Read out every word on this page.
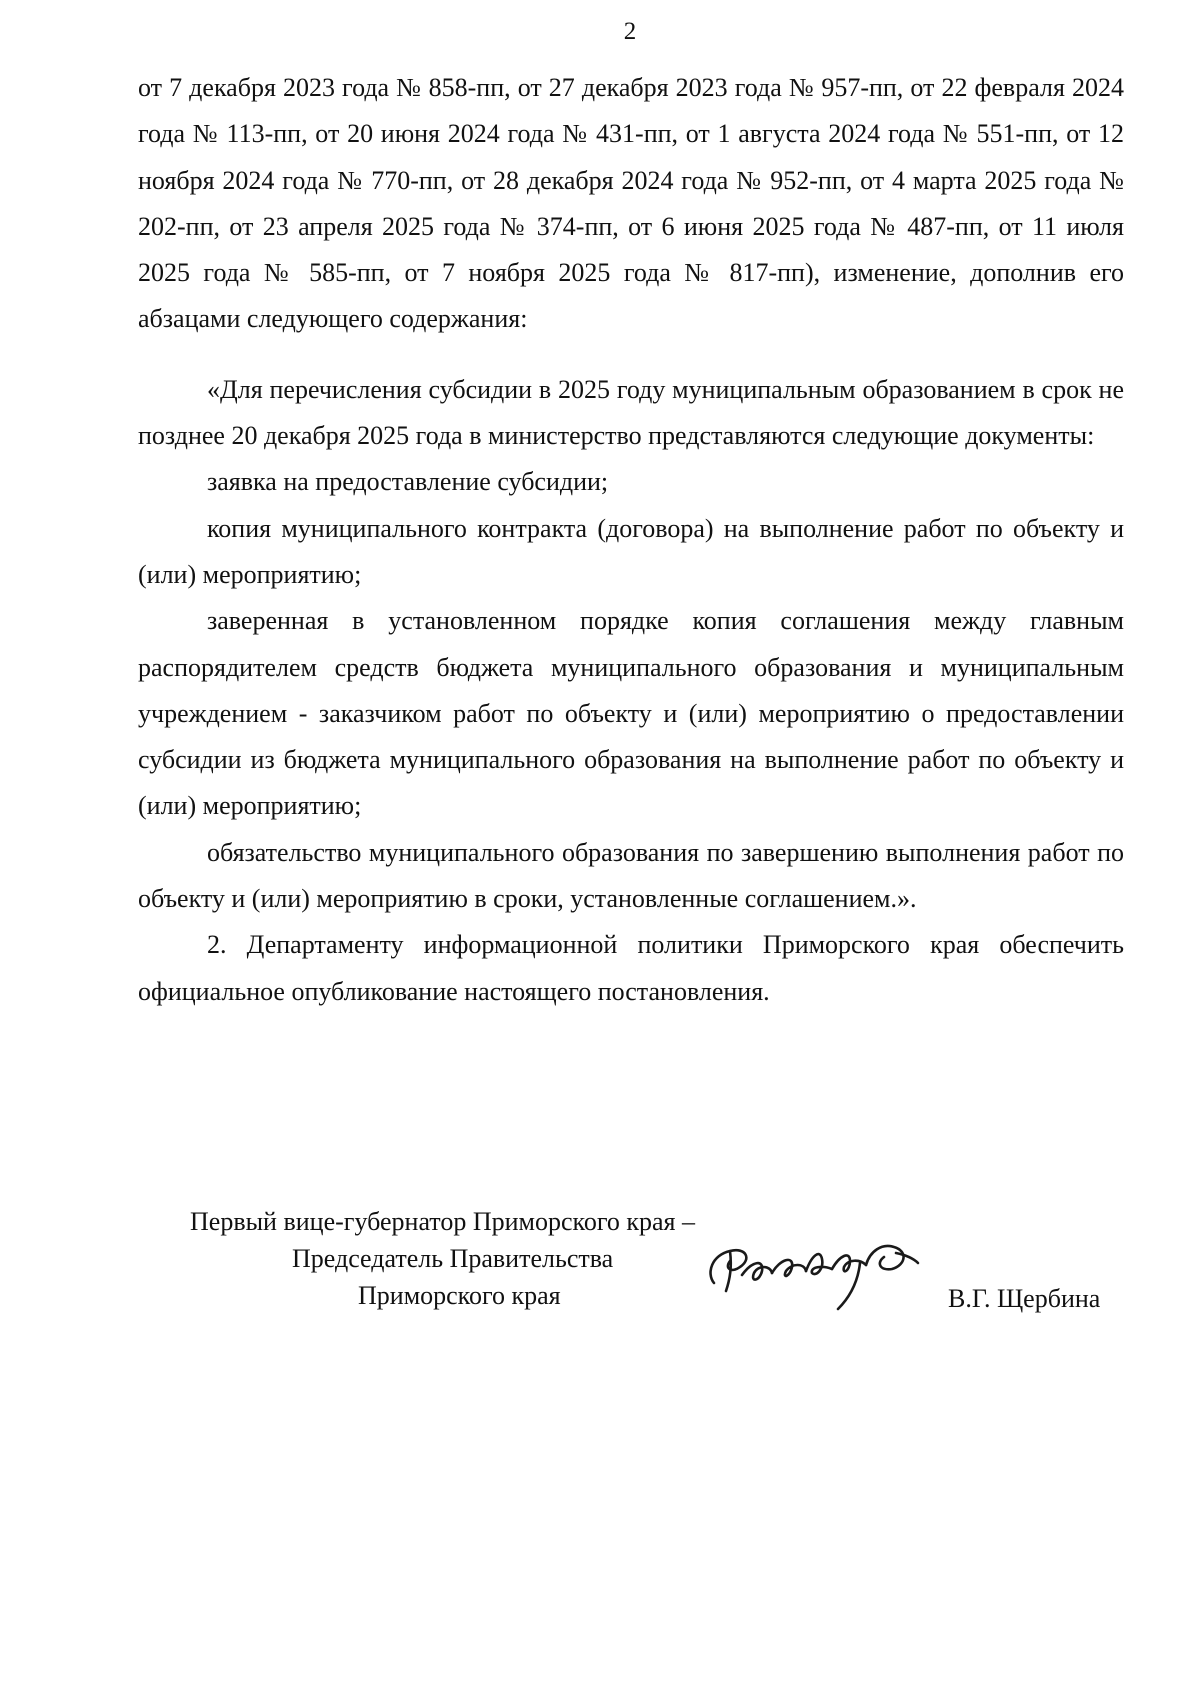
2

от 7 декабря 2023 года № 858-пп, от 27 декабря 2023 года № 957-пп, от 22 февраля 2024 года № 113-пп, от 20 июня 2024 года № 431-пп, от 1 августа 2024 года № 551-пп, от 12 ноября 2024 года № 770-пп, от 28 декабря 2024 года № 952-пп, от 4 марта 2025 года № 202-пп, от 23 апреля 2025 года № 374-пп, от 6 июня 2025 года № 487-пп, от 11 июля 2025 года № 585-пп, от 7 ноября 2025 года № 817-пп), изменение, дополнив его абзацами следующего содержания:

«Для перечисления субсидии в 2025 году муниципальным образованием в срок не позднее 20 декабря 2025 года в министерство представляются следующие документы:

заявка на предоставление субсидии;

копия муниципального контракта (договора) на выполнение работ по объекту и (или) мероприятию;

заверенная в установленном порядке копия соглашения между главным распорядителем средств бюджета муниципального образования и муниципальным учреждением - заказчиком работ по объекту и (или) мероприятию о предоставлении субсидии из бюджета муниципального образования на выполнение работ по объекту и (или) мероприятию;

обязательство муниципального образования по завершению выполнения работ по объекту и (или) мероприятию в сроки, установленные соглашением.».

2. Департаменту информационной политики Приморского края обеспечить официальное опубликование настоящего постановления.

Первый вице-губернатор Приморского края –
Председатель Правительства
Приморского края	В.Г. Щербина
